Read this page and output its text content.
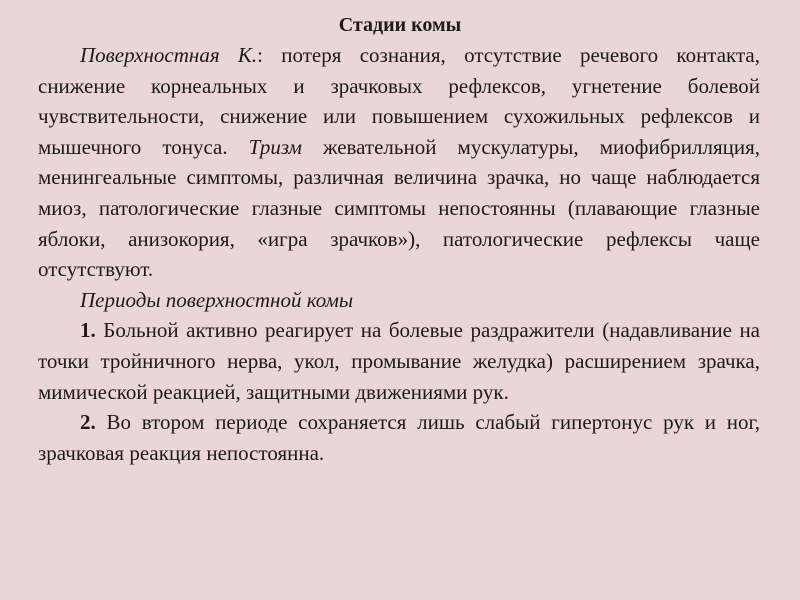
Стадии комы

Поверхностная К.: потеря сознания, отсутствие речевого контакта, снижение корнеальных и зрачковых рефлексов, угнетение болевой чувствительности, снижение или повышением сухожильных рефлексов и мышечного тонуса. Тризм жевательной мускулатуры, миофибрилляция, менингеальные симптомы, различная величина зрачка, но чаще наблюдается миоз, патологические глазные симптомы непостоянны (плавающие глазные яблоки, анизокория, «игра зрачков»), патологические рефлексы чаще отсутствуют.

Периоды поверхностной комы

1. Больной активно реагирует на болевые раздражители (надавливание на точки тройничного нерва, укол, промывание желудка) расширением зрачка, мимической реакцией, защитными движениями рук.

2. Во втором периоде сохраняется лишь слабый гипертонус рук и ног, зрачковая реакция непостоянна.
